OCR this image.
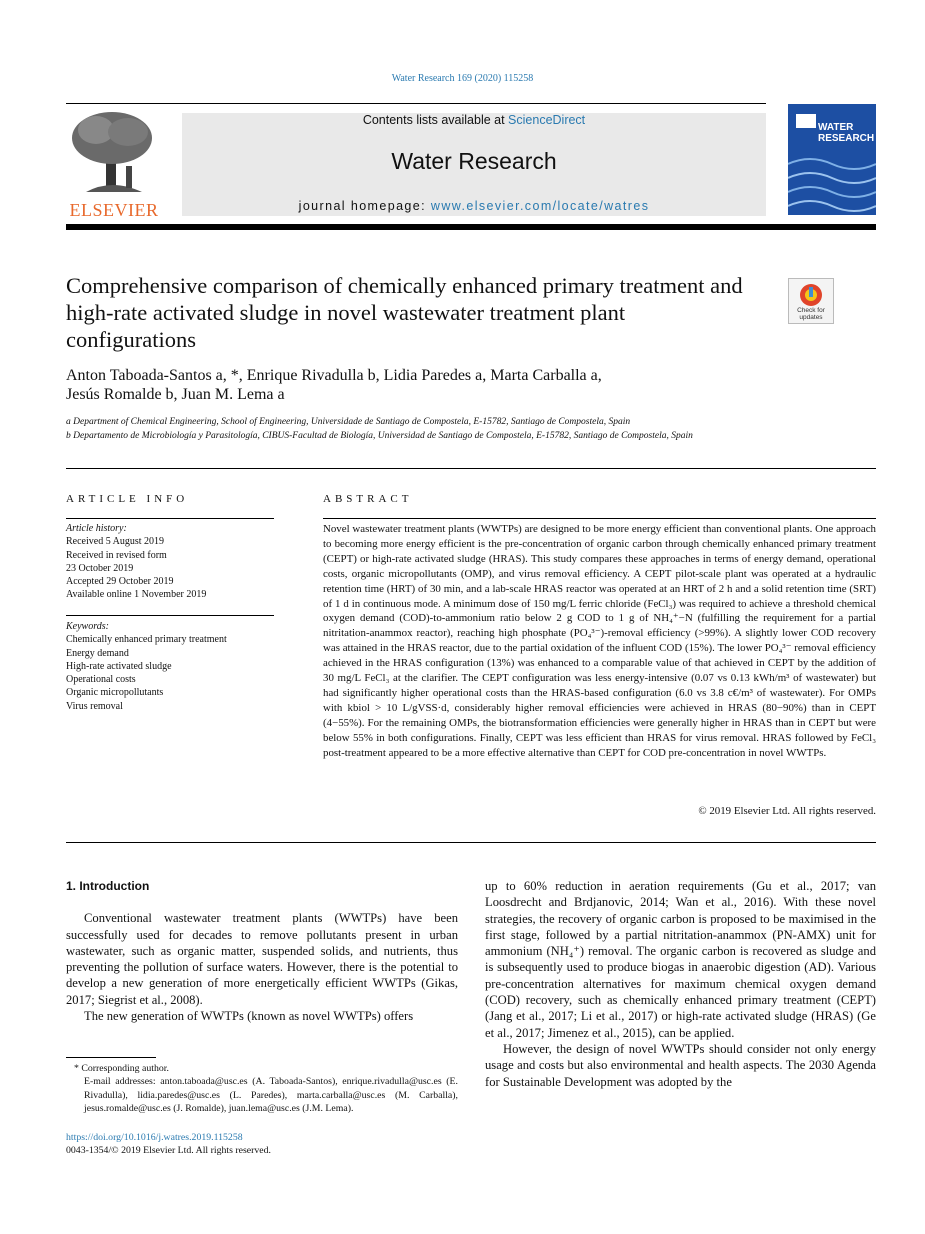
Water Research 169 (2020) 115258
ELSEVIER
Contents lists available at ScienceDirect
Water Research
journal homepage: www.elsevier.com/locate/watres
WATER
RESEARCH
Comprehensive comparison of chemically enhanced primary treatment and high-rate activated sludge in novel wastewater treatment plant configurations
Check for updates
Anton Taboada-Santos a, *, Enrique Rivadulla b, Lidia Paredes a, Marta Carballa a,
Jesús Romalde b, Juan M. Lema a
a Department of Chemical Engineering, School of Engineering, Universidade de Santiago de Compostela, E-15782, Santiago de Compostela, Spain
b Departamento de Microbiología y Parasitología, CIBUS-Facultad de Biología, Universidad de Santiago de Compostela, E-15782, Santiago de Compostela, Spain
ARTICLE INFO	ABSTRACT
Article history:
Received 5 August 2019
Received in revised form
23 October 2019
Accepted 29 October 2019
Available online 1 November 2019
Keywords:
Chemically enhanced primary treatment
Energy demand
High-rate activated sludge
Operational costs
Organic micropollutants
Virus removal
Novel wastewater treatment plants (WWTPs) are designed to be more energy efficient than conventional plants. One approach to becoming more energy efficient is the pre-concentration of organic carbon through chemically enhanced primary treatment (CEPT) or high-rate activated sludge (HRAS). This study compares these approaches in terms of energy demand, operational costs, organic micropollutants (OMP), and virus removal efficiency. A CEPT pilot-scale plant was operated at a hydraulic retention time (HRT) of 30 min, and a lab-scale HRAS reactor was operated at an HRT of 2 h and a solid retention time (SRT) of 1 d in continuous mode. A minimum dose of 150 mg/L ferric chloride (FeCl₃) was required to achieve a threshold chemical oxygen demand (COD)-to-ammonium ratio below 2 g COD to 1 g of NH₄⁺−N (fulfilling the requirement for a partial nitritation-anammox reactor), reaching high phosphate (PO₄³⁻)-removal efficiency (>99%). A slightly lower COD recovery was attained in the HRAS reactor, due to the partial oxidation of the influent COD (15%). The lower PO₄³⁻ removal efficiency achieved in the HRAS configuration (13%) was enhanced to a comparable value of that achieved in CEPT by the addition of 30 mg/L FeCl₃ at the clarifier. The CEPT configuration was less energy-intensive (0.07 vs 0.13 kWh/m³ of wastewater) but had significantly higher operational costs than the HRAS-based configuration (6.0 vs 3.8 c€/m³ of wastewater). For OMPs with kbiol > 10 L/gVSS·d, considerably higher removal efficiencies were achieved in HRAS (80−90%) than in CEPT (4−55%). For the remaining OMPs, the biotransformation efficiencies were generally higher in HRAS than in CEPT but were below 55% in both configurations. Finally, CEPT was less efficient than HRAS for virus removal. HRAS followed by FeCl₃ post-treatment appeared to be a more effective alternative than CEPT for COD pre-concentration in novel WWTPs.
© 2019 Elsevier Ltd. All rights reserved.
1. Introduction

Conventional wastewater treatment plants (WWTPs) have been successfully used for decades to remove pollutants present in urban wastewater, such as organic matter, suspended solids, and nutrients, thus preventing the pollution of surface waters. However, there is the potential to develop a new generation of more energetically efficient WWTPs (Gikas, 2017; Siegrist et al., 2008).

The new generation of WWTPs (known as novel WWTPs) offers

up to 60% reduction in aeration requirements (Gu et al., 2017; van Loosdrecht and Brdjanovic, 2014; Wan et al., 2016). With these novel strategies, the recovery of organic carbon is proposed to be maximised in the first stage, followed by a partial nitritation-anammox (PN-AMX) unit for ammonium (NH₄⁺) removal. The organic carbon is recovered as sludge and is subsequently used to produce biogas in anaerobic digestion (AD). Various pre-concentration alternatives for maximum chemical oxygen demand (COD) recovery, such as chemically enhanced primary treatment (CEPT) (Jang et al., 2017; Li et al., 2017) or high-rate activated sludge (HRAS) (Ge et al., 2017; Jimenez et al., 2015), can be applied.

However, the design of novel WWTPs should consider not only energy usage and costs but also environmental and health aspects. The 2030 Agenda for Sustainable Development was adopted by the

* Corresponding author.
E-mail addresses: anton.taboada@usc.es (A. Taboada-Santos), enrique.rivadulla@usc.es (E. Rivadulla), lidia.paredes@usc.es (L. Paredes), marta.carballa@usc.es (M. Carballa), jesus.romalde@usc.es (J. Romalde), juan.lema@usc.es (J.M. Lema).
https://doi.org/10.1016/j.watres.2019.115258
0043-1354/© 2019 Elsevier Ltd. All rights reserved.
